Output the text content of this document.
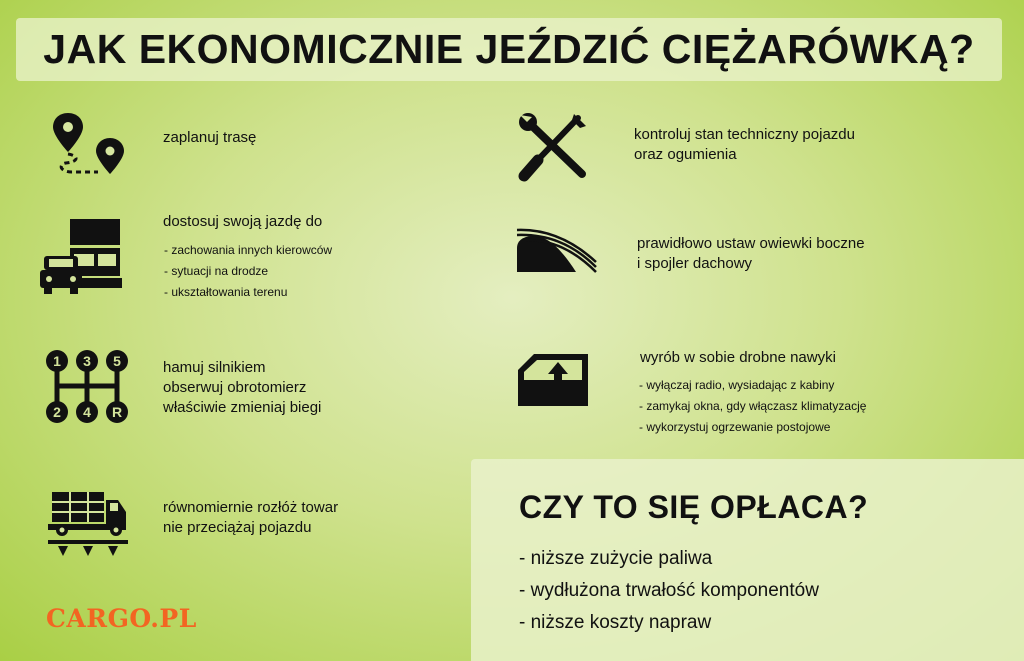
JAK EKONOMICZNIE JEŹDZIĆ CIĘŻARÓWKĄ?

zaplanuj trasę

dostosuj swoją jazdę do

- zachowania innych kierowców

- sytuacji na drodze

- ukształtowania terenu

1 3 5
2 4 R

hamuj silnikiem

obserwuj obrotomierz

właściwie zmieniaj biegi

równomiernie rozłóż towar

nie przeciążaj pojazdu

kontroluj stan techniczny pojazdu

oraz ogumienia

prawidłowo ustaw owiewki boczne

i spojler dachowy

wyrób w sobie drobne nawyki

- wyłączaj radio, wysiadając z kabiny

- zamykaj okna, gdy włączasz klimatyzację

- wykorzystuj ogrzewanie postojowe

CZY TO SIĘ OPŁACA?
- niższe zużycie paliwa
- wydłużona trwałość komponentów
- niższe koszty napraw
CARGO.PL
